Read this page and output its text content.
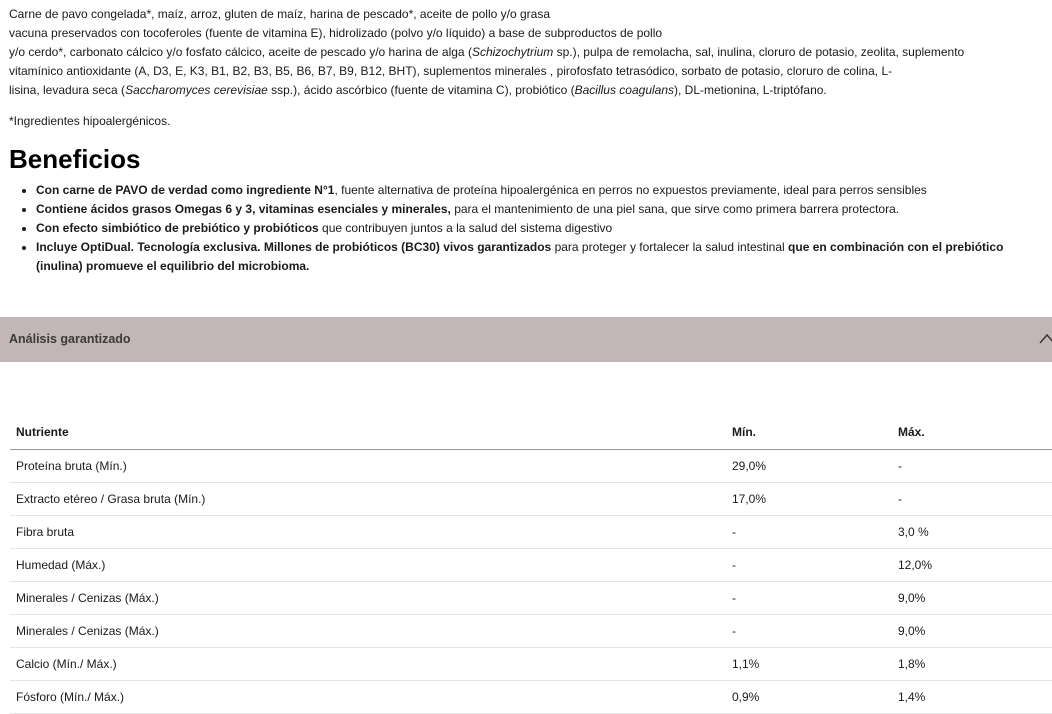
Carne de pavo congelada*, maíz, arroz, gluten de maíz, harina de pescado*, aceite de pollo y/o grasa

vacuna preservados con tocoferoles (fuente de vitamina E), hidrolizado (polvo y/o líquido) a base de subproductos de pollo

y/o cerdo*, carbonato cálcico y/o fosfato cálcico, aceite de pescado y/o harina de alga (Schizochytrium sp.), pulpa de remolacha, sal, inulina, cloruro de potasio, zeolita, suplemento

vitamínico antioxidante (A, D3, E, K3, B1, B2, B3, B5, B6, B7, B9, B12, BHT), suplementos minerales , pirofosfato tetrasódico, sorbato de potasio, cloruro de colina, L-

lisina, levadura seca (Saccharomyces cerevisiae ssp.), ácido ascórbico (fuente de vitamina C), probiótico (Bacillus coagulans), DL-metionina, L-triptófano.

*Ingredientes hipoalergénicos.
Beneficios
• Con carne de PAVO de verdad como ingrediente N°1, fuente alternativa de proteína hipoalergénica en perros no expuestos previamente, ideal para perros sensibles
• Contiene ácidos grasos Omegas 6 y 3, vitaminas esenciales y minerales, para el mantenimiento de una piel sana, que sirve como primera barrera protectora.
• Con efecto simbiótico de prebiótico y probióticos que contribuyen juntos a la salud del sistema digestivo
• Incluye OptiDual. Tecnología exclusiva. Millones de probióticos (BC30) vivos garantizados para proteger y fortalecer la salud intestinal que en combinación con el prebiótico (inulina) promueve el equilibrio del microbioma.
Análisis garantizado
Nutriente	Mín.	Máx.
Proteína bruta (Mín.)	29,0%	-
Extracto etéreo / Grasa bruta (Mín.)	17,0%	-
Fibra bruta	-	3,0 %
Humedad (Máx.)	-	12,0%
Minerales / Cenizas (Máx.)	-	9,0%
Minerales / Cenizas (Máx.)	-	9,0%
Calcio (Mín./ Máx.)	1,1%	1,8%
Fósforo (Mín./ Máx.)	0,9%	1,4%
